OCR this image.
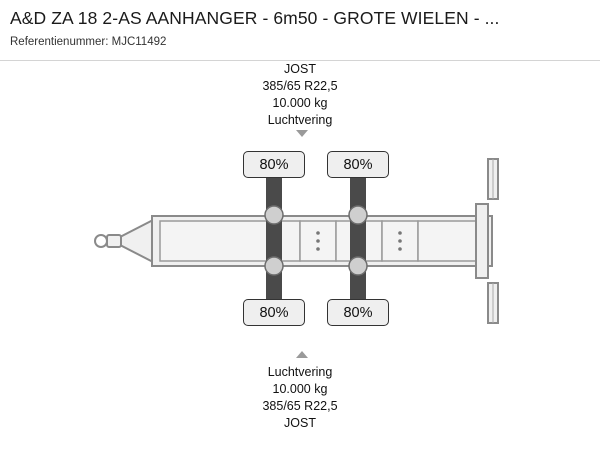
A&D ZA 18 2-AS AANHANGER - 6m50 - GROTE WIELEN - ...
Referentienummer: MJC11492
JOST
385/65 R22,5
10.000 kg
Luchtvering
80%	80%
80%	80%
Luchtvering
10.000 kg
385/65 R22,5
JOST
